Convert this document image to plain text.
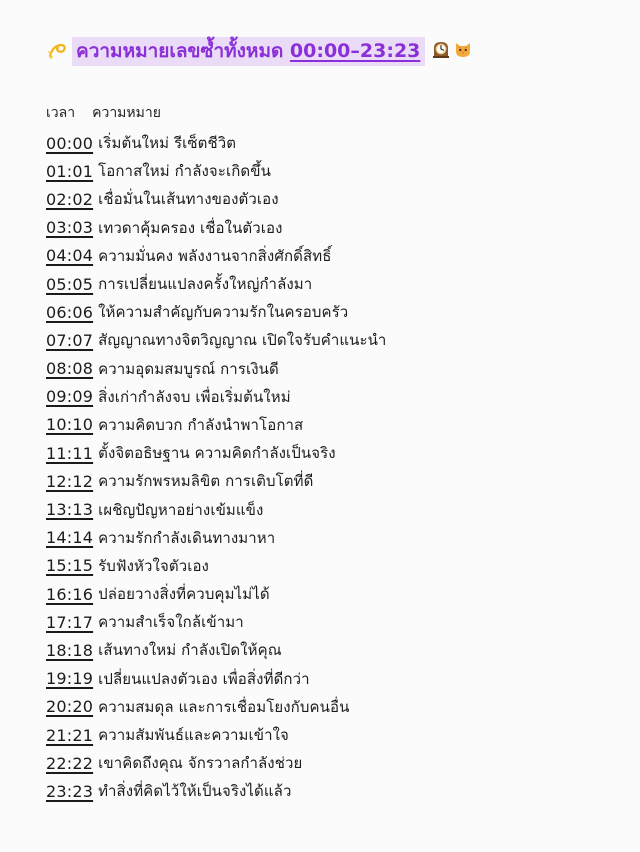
ความหมายเลขซ้ำทั้งหมด 00:00–23:23
เวลา ความหมาย
00:00 เริ่มต้นใหม่ รีเซ็ตชีวิต
01:01 โอกาสใหม่ กำลังจะเกิดขึ้น
02:02 เชื่อมั่นในเส้นทางของตัวเอง
03:03 เทวดาคุ้มครอง เชื่อในตัวเอง
04:04 ความมั่นคง พลังงานจากสิ่งศักดิ์สิทธิ์
05:05 การเปลี่ยนแปลงครั้งใหญ่กำลังมา
06:06 ให้ความสำคัญกับความรักในครอบครัว
07:07 สัญญาณทางจิตวิญญาณ เปิดใจรับคำแนะนำ
08:08 ความอุดมสมบูรณ์ การเงินดี
09:09 สิ่งเก่ากำลังจบ เพื่อเริ่มต้นใหม่
10:10 ความคิดบวก กำลังนำพาโอกาส
11:11 ตั้งจิตอธิษฐาน ความคิดกำลังเป็นจริง
12:12 ความรักพรหมลิขิต การเติบโตที่ดี
13:13 เผชิญปัญหาอย่างเข้มแข็ง
14:14 ความรักกำลังเดินทางมาหา
15:15 รับฟังหัวใจตัวเอง
16:16 ปล่อยวางสิ่งที่ควบคุมไม่ได้
17:17 ความสำเร็จใกล้เข้ามา
18:18 เส้นทางใหม่ กำลังเปิดให้คุณ
19:19 เปลี่ยนแปลงตัวเอง เพื่อสิ่งที่ดีกว่า
20:20 ความสมดุล และการเชื่อมโยงกับคนอื่น
21:21 ความสัมพันธ์และความเข้าใจ
22:22 เขาคิดถึงคุณ จักรวาลกำลังช่วย
23:23 ทำสิ่งที่คิดไว้ให้เป็นจริงได้แล้ว
